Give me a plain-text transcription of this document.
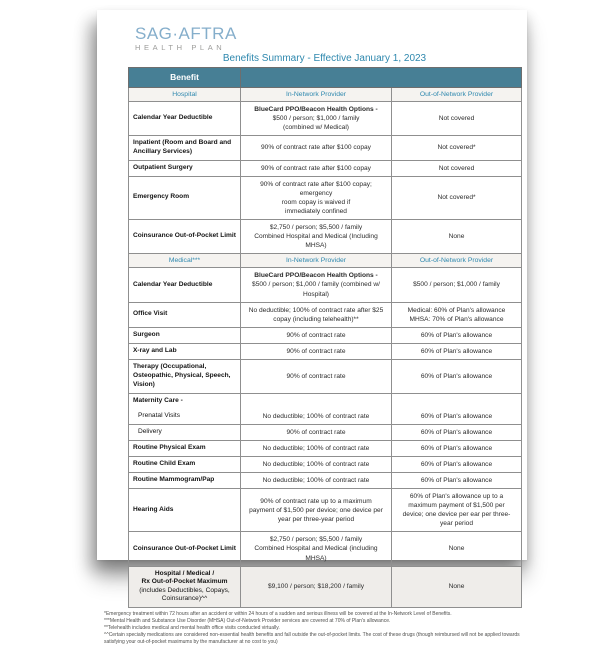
SAG·AFTRA
HEALTH PLAN
Benefits Summary - Effective January 1, 2023
Benefit		
Hospital	In-Network Provider	Out-of-Network Provider

Calendar Year Deductible	BlueCard PPO/Beacon Health Options -
$500 / person; $1,000 / family
(combined w/ Medical)	Not covered

Inpatient (Room and Board and
Ancillary Services)	90% of contract rate after $100 copay	Not covered*

Outpatient Surgery	90% of contract rate after $100 copay	Not covered

Emergency Room	90% of contract rate after $100 copay; emergency
room copay is waived if
immediately confined	Not covered*

Coinsurance Out-of-Pocket Limit	$2,750 / person; $5,500 / family
Combined Hospital and Medical (Including
MHSA)	None

Medical***	In-Network Provider	Out-of-Network Provider

Calendar Year Deductible	BlueCard PPO/Beacon Health Options -
$500 / person; $1,000 / family (combined w/
Hospital)	$500 / person; $1,000 / family

Office Visit	No deductible; 100% of contract rate after $25 copay (including telehealth)**	Medical: 60% of Plan's allowance
MHSA: 70% of Plan's allowance

Surgeon	90% of contract rate	60% of Plan's allowance

X-ray and Lab	90% of contract rate	60% of Plan's allowance

Therapy (Occupational,
Osteopathic, Physical, Speech,
Vision)	90% of contract rate	60% of Plan's allowance

Maternity Care -		

Prenatal Visits	No deductible; 100% of contract rate	60% of Plan's allowance

Delivery	90% of contract rate	60% of Plan's allowance

Routine Physical Exam	No deductible; 100% of contract rate	60% of Plan's allowance

Routine Child Exam	No deductible; 100% of contract rate	60% of Plan's allowance

Routine Mammogram/Pap	No deductible; 100% of contract rate	60% of Plan's allowance

Hearing Aids	90% of contract rate up to a maximum payment of $1,500 per device; one device per year per three-year period	60% of Plan's allowance up to a maximum payment of $1,500 per device; one device per ear per three-year period

Coinsurance Out-of-Pocket Limit	$2,750 / person; $5,500 / family
Combined Hospital and Medical (including MHSA)	None

Hospital / Medical /
Rx Out-of-Pocket Maximum
(includes Deductibles, Copays,
Coinsurance)^^	$9,100 / person; $18,200 / family	None
*Emergency treatment within 72 hours after an accident or within 24 hours of a sudden and serious illness will be covered at the In-Network Level of Benefits.
***Mental Health and Substance Use Disorder (MHSA) Out-of-Network Provider services are covered at 70% of Plan's allowance.
**Telehealth includes medical and mental health office visits conducted virtually.
^^Certain specialty medications are considered non-essential health benefits and fall outside the out-of-pocket limits. The cost of these drugs (though reimbursed will not be applied towards satisfying your out-of-pocket maximums by the manufacturer at no cost to you)
